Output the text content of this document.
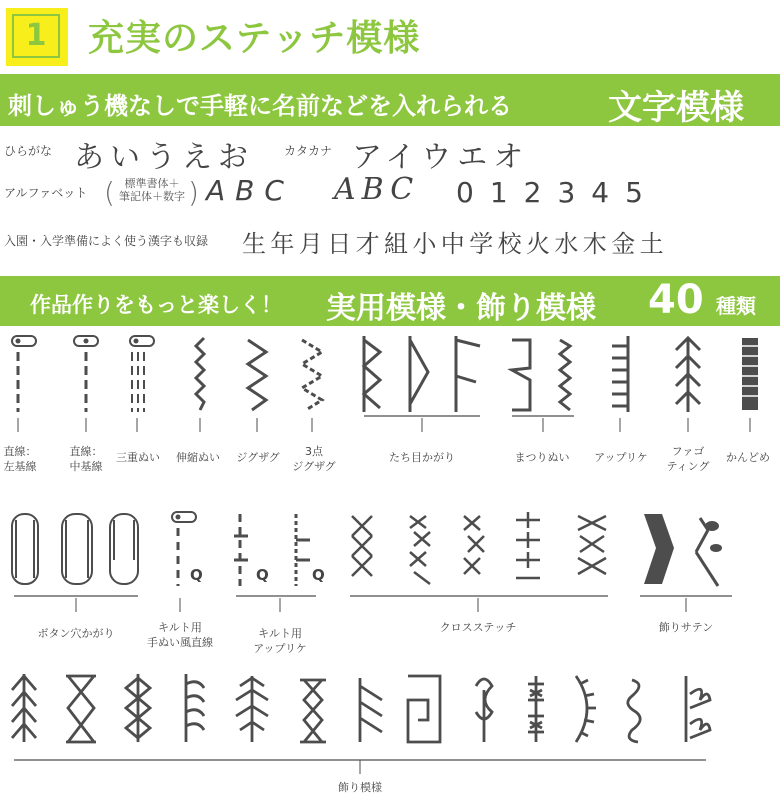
1	充実のステッチ模様
刺しゅう機なしで手軽に名前などを入れられる	文字模様
ひらがな あいうえお	カタカナ アイウエオ
アルファベット ( 標準書体＋
筆記体＋数字 ) ABC ABC 012345
入園・入学準備によく使う漢字も収録 生年月日才組小中学校火水木金土
作品作りをもっと楽しく！ 実用模様・飾り模様 40 種類
Q	Q	Q
直線：
左基線
直線：
中基線
三重ぬい 伸縮ぬい ジグザグ	3点
ジグザグ
たち目かがり	まつりぬい アップリケ	ファゴ
ティング
かんどめ
ボタン穴かがり	キルト用
手ぬい風直線
キルト用
アップリケ
クロスステッチ	飾りサテン
飾り模様
